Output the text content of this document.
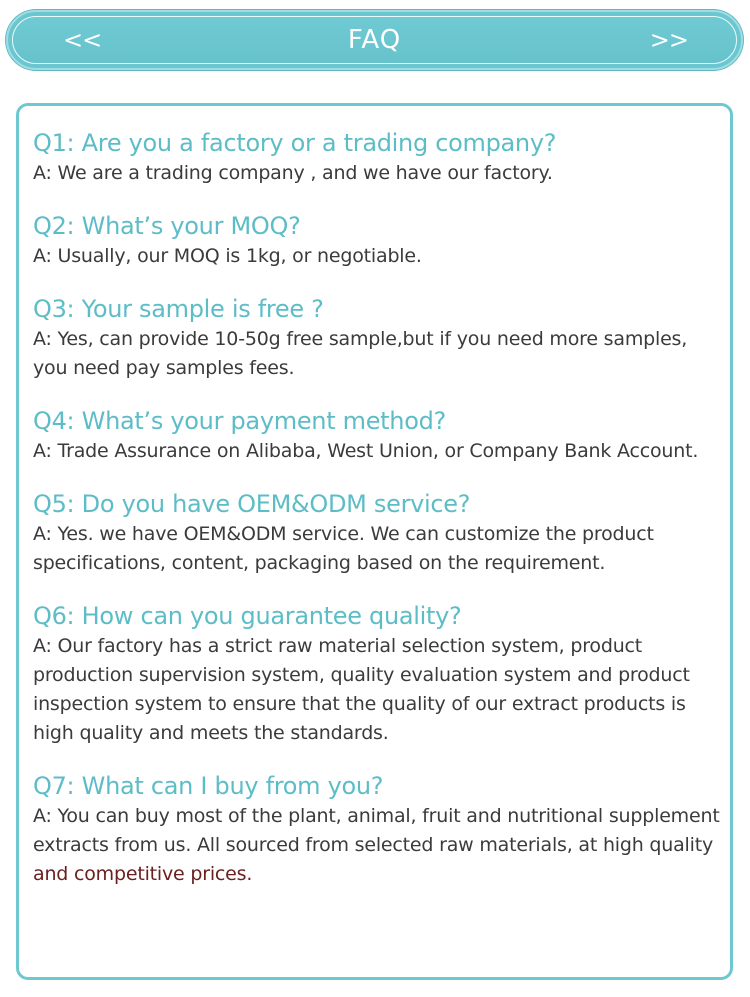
<<	FAQ	>>
Q1: Are you a factory or a trading company?
A: We are a trading company , and we have our factory.
Q2: What’s your MOQ?
A: Usually, our MOQ is 1kg, or negotiable.
Q3: Your sample is free ?
A: Yes, can provide 10-50g free sample,but if you need more samples, you need pay samples fees.
Q4: What’s your payment method?
A: Trade Assurance on Alibaba, West Union, or Company Bank Account.
Q5: Do you have OEM&ODM service?
A: Yes. we have OEM&ODM service. We can customize the product specifications, content, packaging based on the requirement.
Q6: How can you guarantee quality?
A: Our factory has a strict raw material selection system, product production supervision system, quality evaluation system and product inspection system to ensure that the quality of our extract products is high quality and meets the standards.
Q7: What can I buy from you?
A: You can buy most of the plant, animal, fruit and nutritional supplement extracts from us. All sourced from selected raw materials, at high quality and competitive prices.
